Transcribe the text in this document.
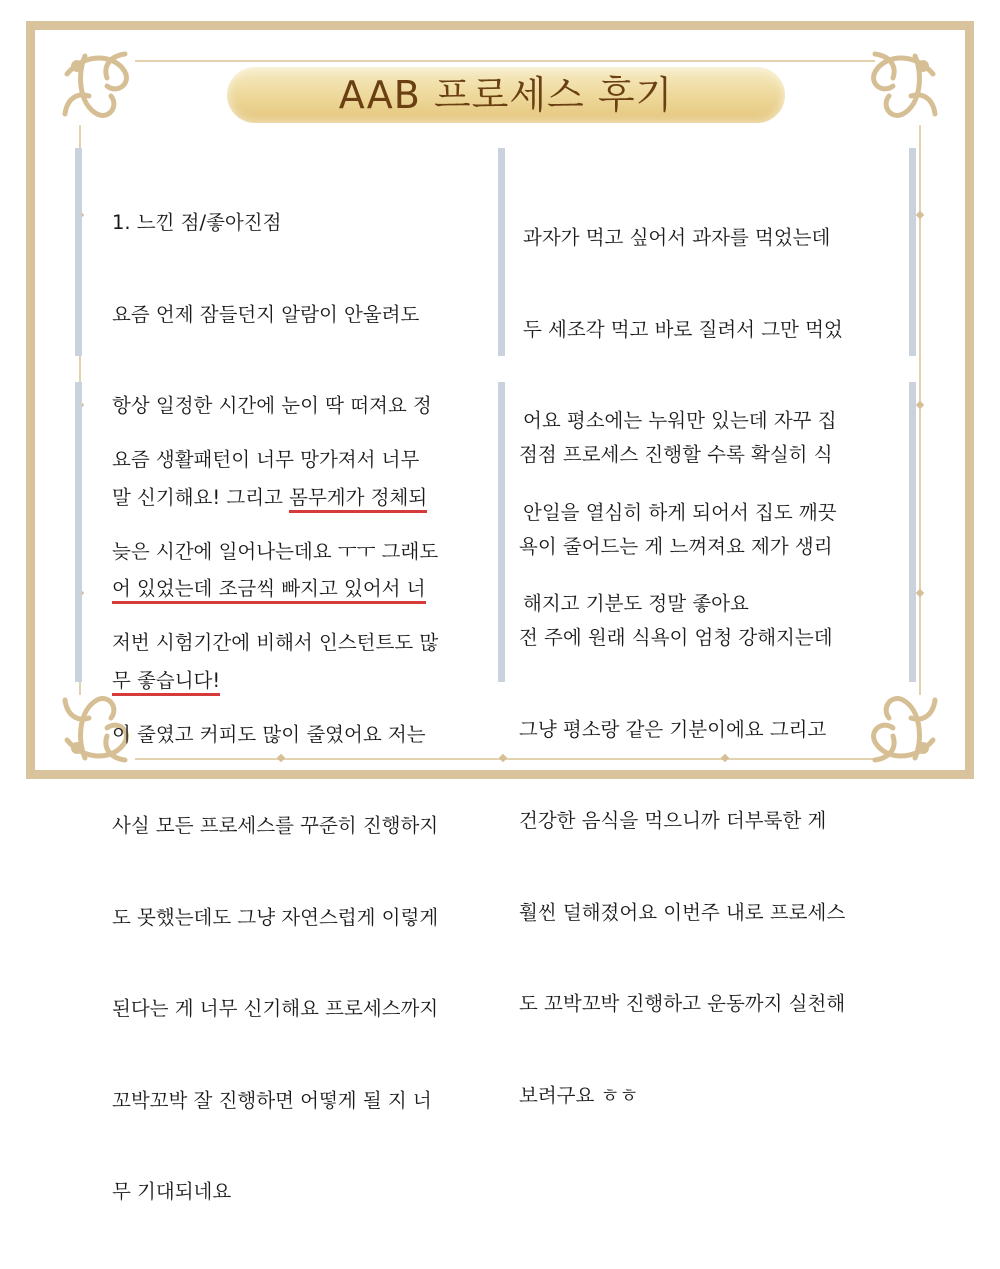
AAB 프로세스 후기

1. 느낀 점/좋아진점

요즘 언제 잠들던지 알람이 안울려도

항상 일정한 시간에 눈이 딱 떠져요 정

말 신기해요! 그리고 몸무게가 정체되

어 있었는데 조금씩 빠지고 있어서 너

무 좋습니다!

과자가 먹고 싶어서 과자를 먹었는데

두 세조각 먹고 바로 질려서 그만 먹었

어요 평소에는 누워만 있는데 자꾸 집

안일을 열심히 하게 되어서 집도 깨끗

해지고 기분도 정말 좋아요

요즘 생활패턴이 너무 망가져서 너무

늦은 시간에 일어나는데요 ㅜㅜ 그래도

저번 시험기간에 비해서 인스턴트도 많

이 줄였고 커피도 많이 줄였어요 저는

사실 모든 프로세스를 꾸준히 진행하지

도 못했는데도 그냥 자연스럽게 이렇게

된다는 게 너무 신기해요 프로세스까지

꼬박꼬박 잘 진행하면 어떻게 될 지 너

무 기대되네요

점점 프로세스 진행할 수록 확실히 식

욕이 줄어드는 게 느껴져요 제가 생리

전 주에 원래 식욕이 엄청 강해지는데

그냥 평소랑 같은 기분이에요 그리고

건강한 음식을 먹으니까 더부룩한 게

훨씬 덜해졌어요 이번주 내로 프로세스

도 꼬박꼬박 진행하고 운동까지 실천해

보려구요 ㅎㅎ
